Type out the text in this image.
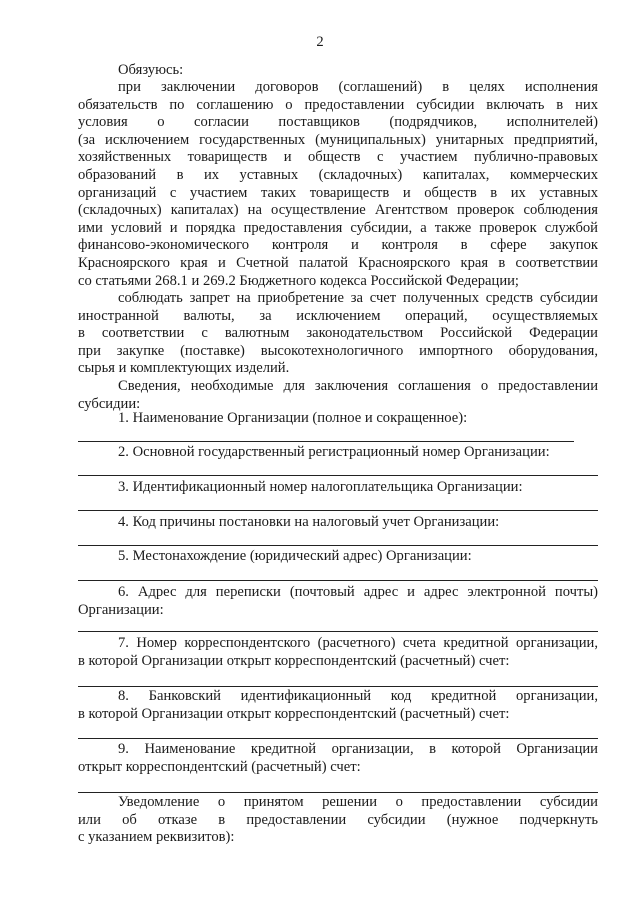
2
Обязуюсь:
при заключении договоров (соглашений) в целях исполнения
обязательств по соглашению о предоставлении субсидии включать в них
условия о согласии поставщиков (подрядчиков, исполнителей)
(за исключением государственных (муниципальных) унитарных предприятий,
хозяйственных товариществ и обществ с участием публично-правовых
образований в их уставных (складочных) капиталах, коммерческих
организаций с участием таких товариществ и обществ в их уставных
(складочных) капиталах) на осуществление Агентством проверок соблюдения
ими условий и порядка предоставления субсидии, а также проверок службой
финансово-экономического контроля и контроля в сфере закупок
Красноярского края и Счетной палатой Красноярского края в соответствии
со статьями 268.1 и 269.2 Бюджетного кодекса Российской Федерации;
соблюдать запрет на приобретение за счет полученных средств субсидии
иностранной валюты, за исключением операций, осуществляемых
в соответствии с валютным законодательством Российской Федерации
при закупке (поставке) высокотехнологичного импортного оборудования,
сырья и комплектующих изделий.
Сведения, необходимые для заключения соглашения о предоставлении
субсидии:
1. Наименование Организации (полное и сокращенное):
2. Основной государственный регистрационный номер Организации:
3. Идентификационный номер налогоплательщика Организации:
4. Код причины постановки на налоговый учет Организации:
5. Местонахождение (юридический адрес) Организации:
6. Адрес для переписки (почтовый адрес и адрес электронной почты)
Организации:
7. Номер корреспондентского (расчетного) счета кредитной организации,
в которой Организации открыт корреспондентский (расчетный) счет:
8. Банковский идентификационный код кредитной организации,
в которой Организации открыт корреспондентский (расчетный) счет:
9. Наименование кредитной организации, в которой Организации
открыт корреспондентский (расчетный) счет:
Уведомление о принятом решении о предоставлении субсидии
или об отказе в предоставлении субсидии (нужное подчеркнуть
с указанием реквизитов):
